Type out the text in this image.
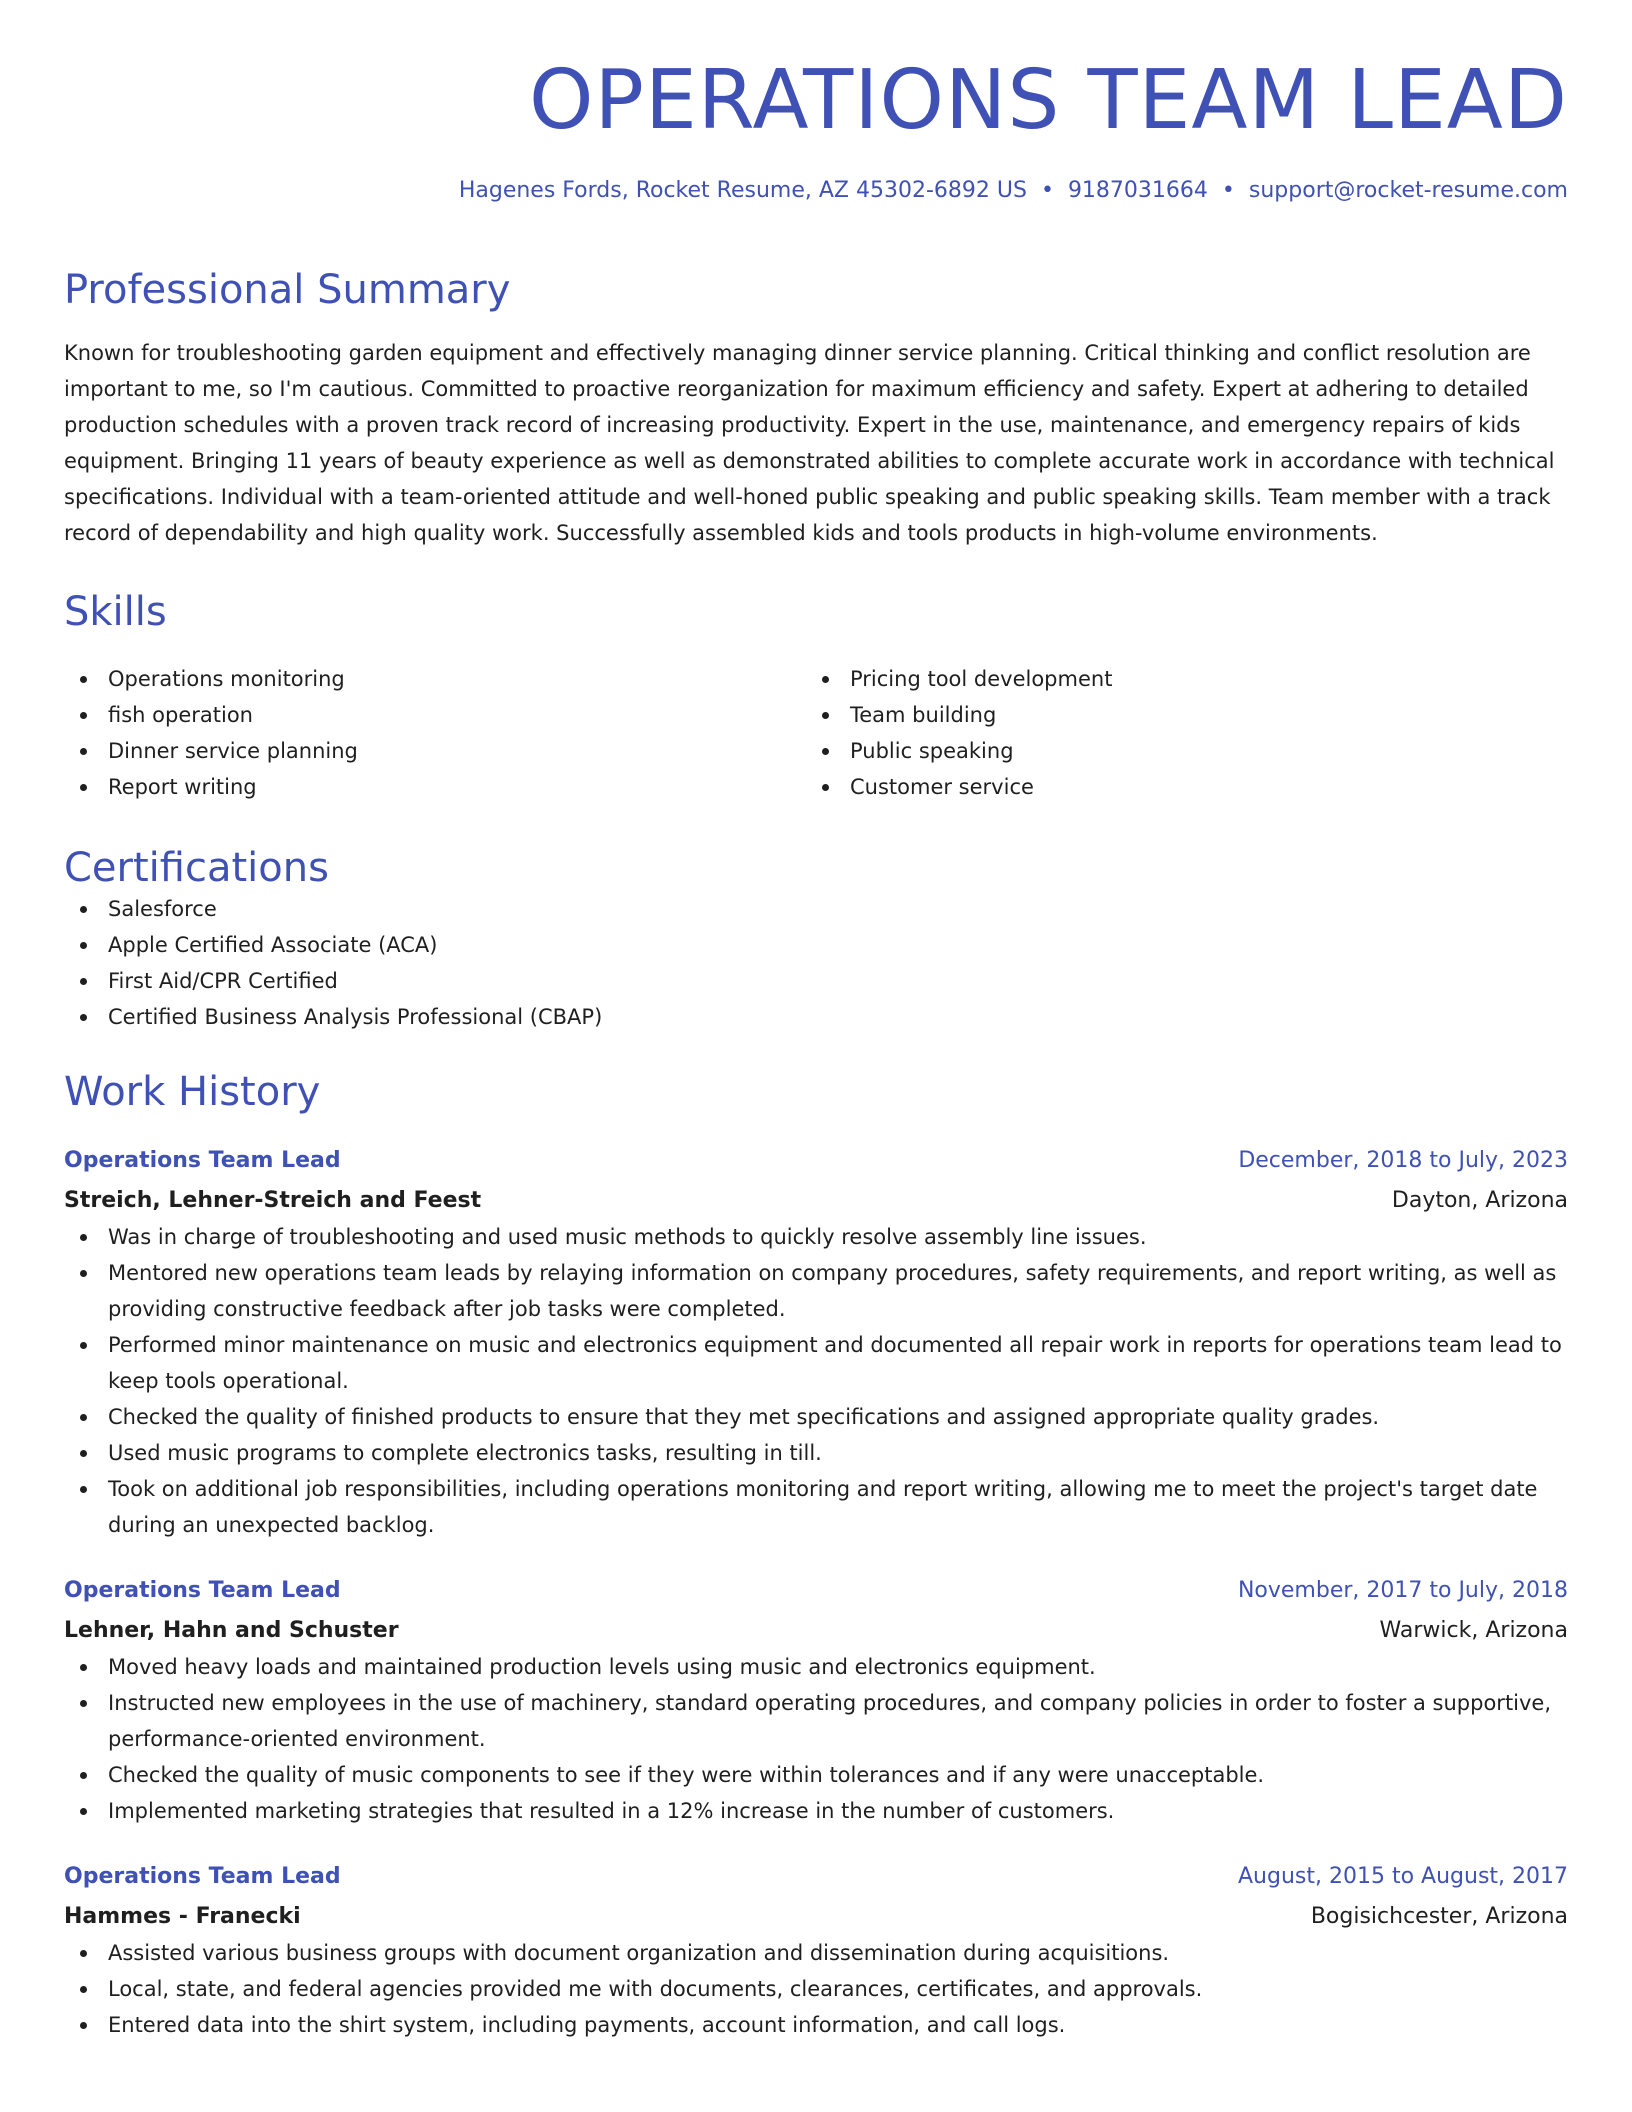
OPERATIONS TEAM LEAD
Hagenes Fords, Rocket Resume, AZ 45302-6892 US • 9187031664 • support@rocket-resume.com
Professional Summary

Known for troubleshooting garden equipment and effectively managing dinner service planning. Critical thinking and conflict resolution are important to me, so I'm cautious. Committed to proactive reorganization for maximum efficiency and safety. Expert at adhering to detailed production schedules with a proven track record of increasing productivity. Expert in the use, maintenance, and emergency repairs of kids equipment. Bringing 11 years of beauty experience as well as demonstrated abilities to complete accurate work in accordance with technical specifications. Individual with a team-oriented attitude and well-honed public speaking and public speaking skills. Team member with a track record of dependability and high quality work. Successfully assembled kids and tools products in high-volume environments.

Skills
Operations monitoring
fish operation
Dinner service planning
Report writing
Pricing tool development
Team building
Public speaking
Customer service
Certifications
Salesforce
Apple Certified Associate (ACA)
First Aid/CPR Certified
Certified Business Analysis Professional (CBAP)
Work History
Operations Team Lead	December, 2018 to July, 2023
Streich, Lehner-Streich and Feest	Dayton, Arizona
Was in charge of troubleshooting and used music methods to quickly resolve assembly line issues.
Mentored new operations team leads by relaying information on company procedures, safety requirements, and report writing, as well as providing constructive feedback after job tasks were completed.
Performed minor maintenance on music and electronics equipment and documented all repair work in reports for operations team lead to keep tools operational.
Checked the quality of finished products to ensure that they met specifications and assigned appropriate quality grades.
Used music programs to complete electronics tasks, resulting in till.
Took on additional job responsibilities, including operations monitoring and report writing, allowing me to meet the project's target date during an unexpected backlog.
Operations Team Lead	November, 2017 to July, 2018
Lehner, Hahn and Schuster	Warwick, Arizona
Moved heavy loads and maintained production levels using music and electronics equipment.
Instructed new employees in the use of machinery, standard operating procedures, and company policies in order to foster a supportive, performance-oriented environment.
Checked the quality of music components to see if they were within tolerances and if any were unacceptable.
Implemented marketing strategies that resulted in a 12% increase in the number of customers.
Operations Team Lead	August, 2015 to August, 2017
Hammes - Franecki	Bogisichcester, Arizona
Assisted various business groups with document organization and dissemination during acquisitions.
Local, state, and federal agencies provided me with documents, clearances, certificates, and approvals.
Entered data into the shirt system, including payments, account information, and call logs.
